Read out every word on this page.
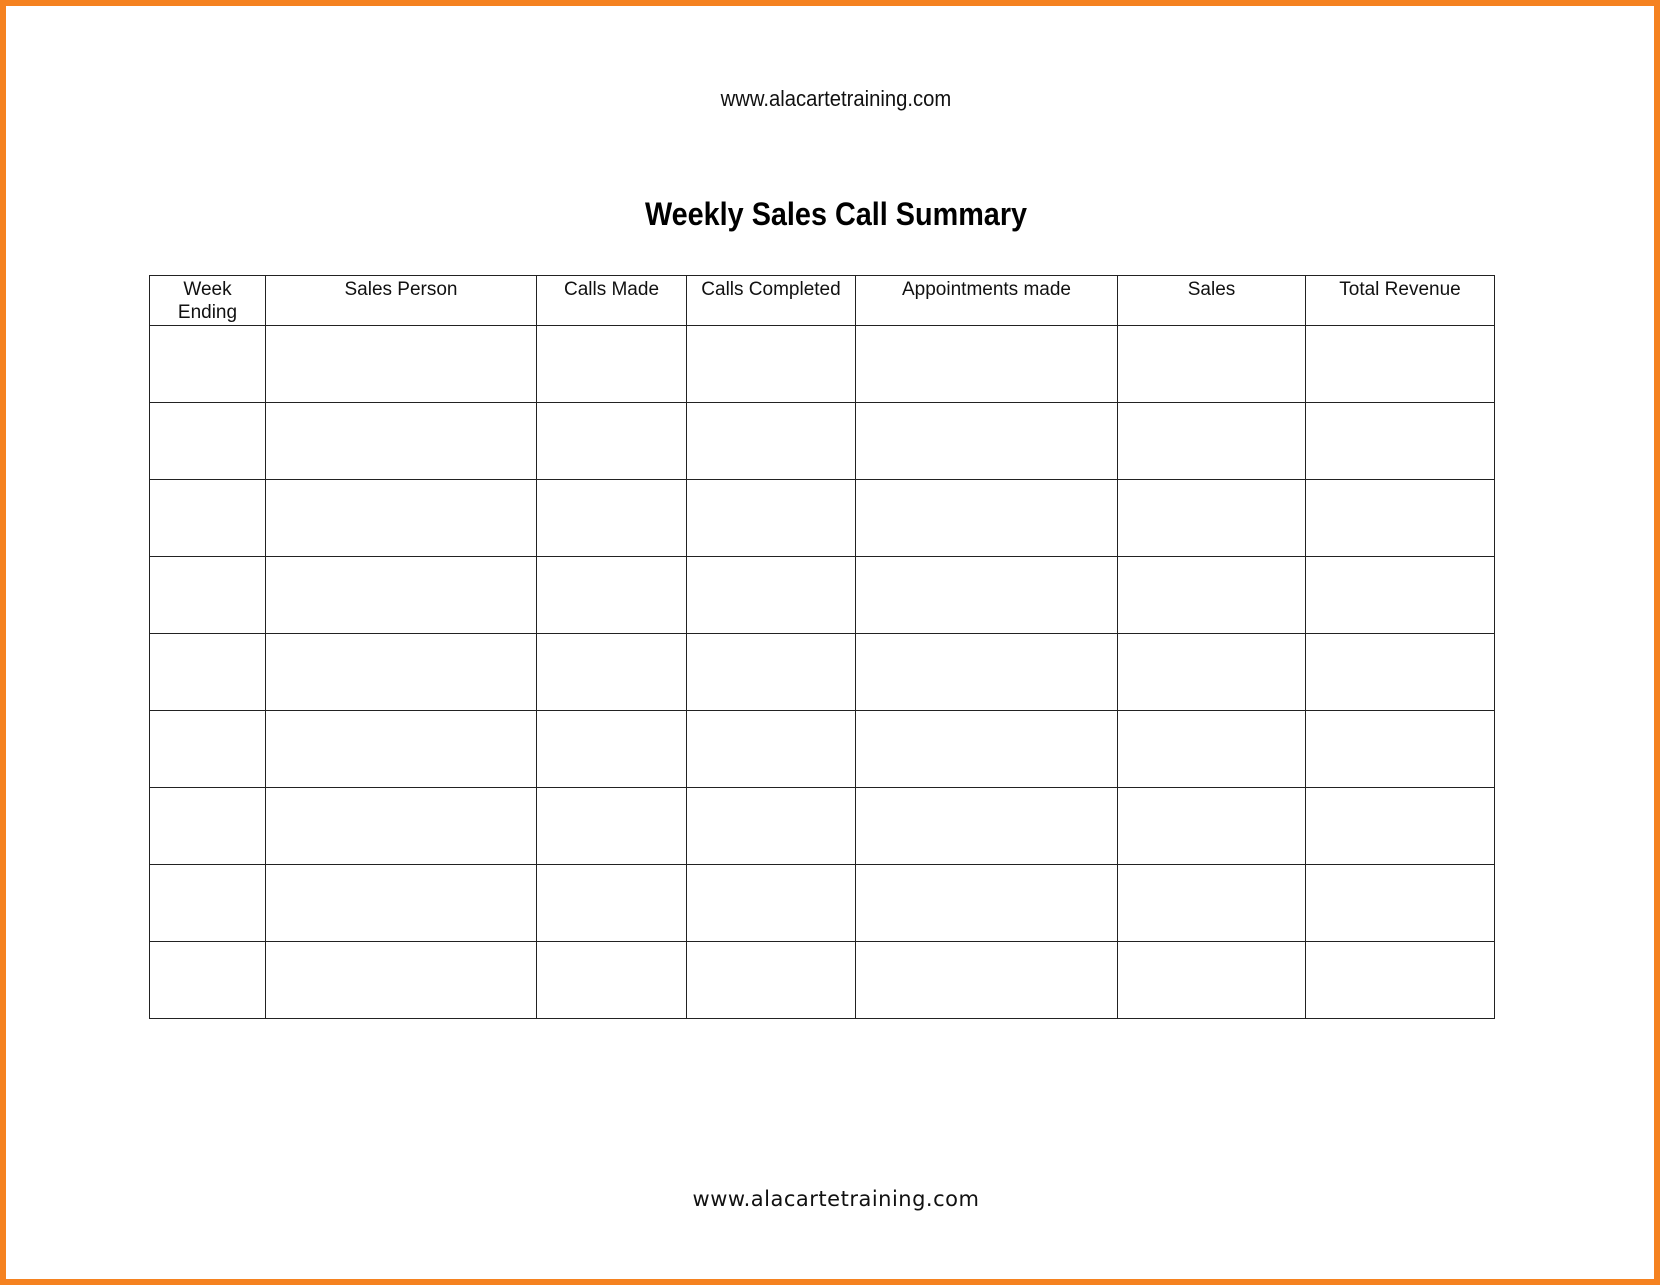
www.alacartetraining.com
Weekly Sales Call Summary
Week Ending	Sales Person	Calls Made	Calls Completed	Appointments made	Sales	Total Revenue

www.alacartetraining.com
